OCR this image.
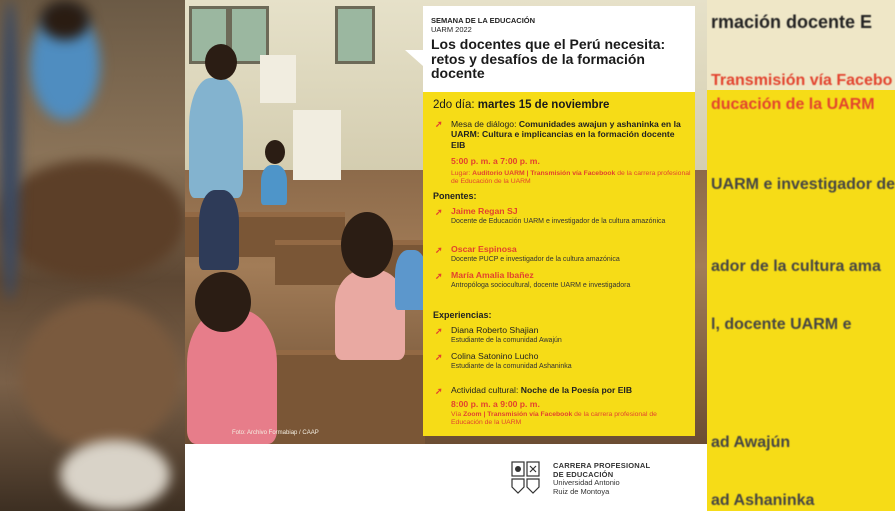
rmación docente E
Transmisión vía Facebo
ducación de la UARM
UARM e investigador de
ador de la cultura ama
l, docente UARM e
ad Awajún
ad Ashaninka
Foto: Archivo Formabiap / CAAP
SEMANA DE LA EDUCACIÓN
UARM 2022
Los docentes que el Perú necesita: retos y desafíos de la formación docente
2do día: martes 15 de noviembre
➚ Mesa de diálogo: Comunidades awajun y ashaninka en la UARM: Cultura e implicancias en la formación docente EIB
5:00 p. m. a 7:00 p. m.
Lugar: Auditorio UARM | Transmisión vía Facebook de la carrera profesional de Educación de la UARM
Ponentes:
➚ Jaime Regan SJ
Docente de Educación UARM e investigador de la cultura amazónica
➚ Oscar Espinosa
Docente PUCP e investigador de la cultura amazónica
➚ María Amalia Ibañez
Antropóloga sociocultural, docente UARM e investigadora
Experiencias:
➚ Diana Roberto Shajian
Estudiante de la comunidad Awajún
➚ Colina Satonino Lucho
Estudiante de la comunidad Ashaninka
➚ Actividad cultural: Noche de la Poesía por EIB
8:00 p. m. a 9:00 p. m.
Vía Zoom | Transmisión vía Facebook de la carrera profesional de Educación de la UARM
CARRERA PROFESIONAL
DE EDUCACIÓN
Universidad Antonio
Ruiz de Montoya
